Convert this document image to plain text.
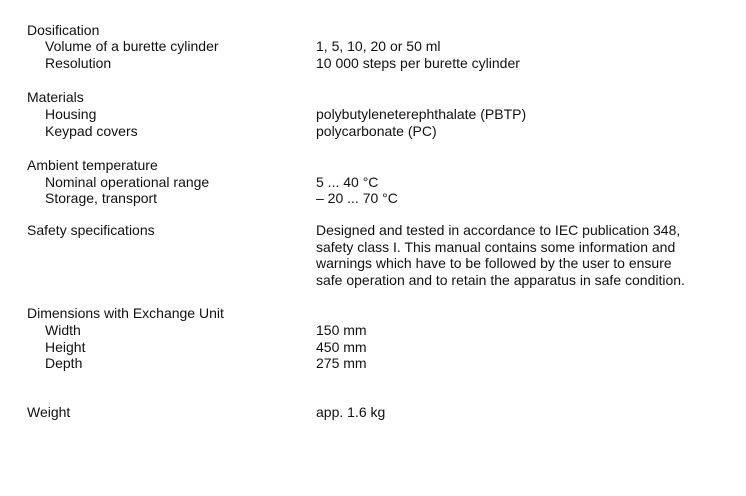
Dosification
Volume of a burette cylinder	1, 5, 10, 20 or 50 ml
Resolution	10 000 steps per burette cylinder
Materials
Housing	polybutyleneterephthalate (PBTP)
Keypad covers	polycarbonate (PC)
Ambient temperature
Nominal operational range	5 ... 40 °C
Storage, transport	– 20 ... 70 °C
Safety specifications	Designed and tested in accordance to IEC publication 348,
safety class I. This manual contains some information and
warnings which have to be followed by the user to ensure
safe operation and to retain the apparatus in safe condition.
Dimensions with Exchange Unit
Width	150 mm
Height	450 mm
Depth	275 mm
Weight	app. 1.6 kg
